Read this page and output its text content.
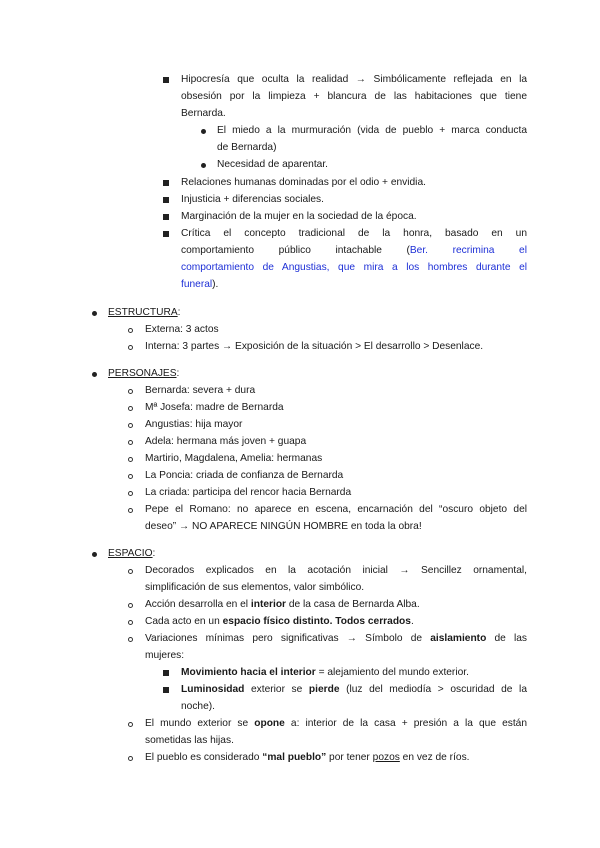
Hipocresía que oculta la realidad → Simbólicamente reflejada en la
obsesión por la limpieza + blancura de las habitaciones que tiene
Bernarda.
El miedo a la murmuración (vida de pueblo + marca conducta
de Bernarda)
Necesidad de aparentar.
Relaciones humanas dominadas por el odio + envidia.
Injusticia + diferencias sociales.
Marginación de la mujer en la sociedad de la época.
Crítica el concepto tradicional de la honra, basado en un
comportamiento público intachable (Ber. recrimina el
comportamiento de Angustias, que mira a los hombres durante el
funeral).
ESTRUCTURA:
Externa: 3 actos
Interna: 3 partes → Exposición de la situación > El desarrollo > Desenlace.
PERSONAJES:
Bernarda: severa + dura
Mª Josefa: madre de Bernarda
Angustias: hija mayor
Adela: hermana más joven + guapa
Martirio, Magdalena, Amelia: hermanas
La Poncia: criada de confianza de Bernarda
La criada: participa del rencor hacia Bernarda
Pepe el Romano: no aparece en escena, encarnación del “oscuro objeto del
deseo” → NO APARECE NINGÚN HOMBRE en toda la obra!
ESPACIO:
Decorados explicados en la acotación inicial → Sencillez ornamental,
simplificación de sus elementos, valor simbólico.
Acción desarrolla en el interior de la casa de Bernarda Alba.
Cada acto en un espacio físico distinto. Todos cerrados.
Variaciones mínimas pero significativas → Símbolo de aislamiento de las
mujeres:
Movimiento hacia el interior = alejamiento del mundo exterior.
Luminosidad exterior se pierde (luz del mediodía > oscuridad de la
noche).
El mundo exterior se opone a: interior de la casa + presión a la que están
sometidas las hijas.
El pueblo es considerado “mal pueblo” por tener pozos en vez de ríos.
